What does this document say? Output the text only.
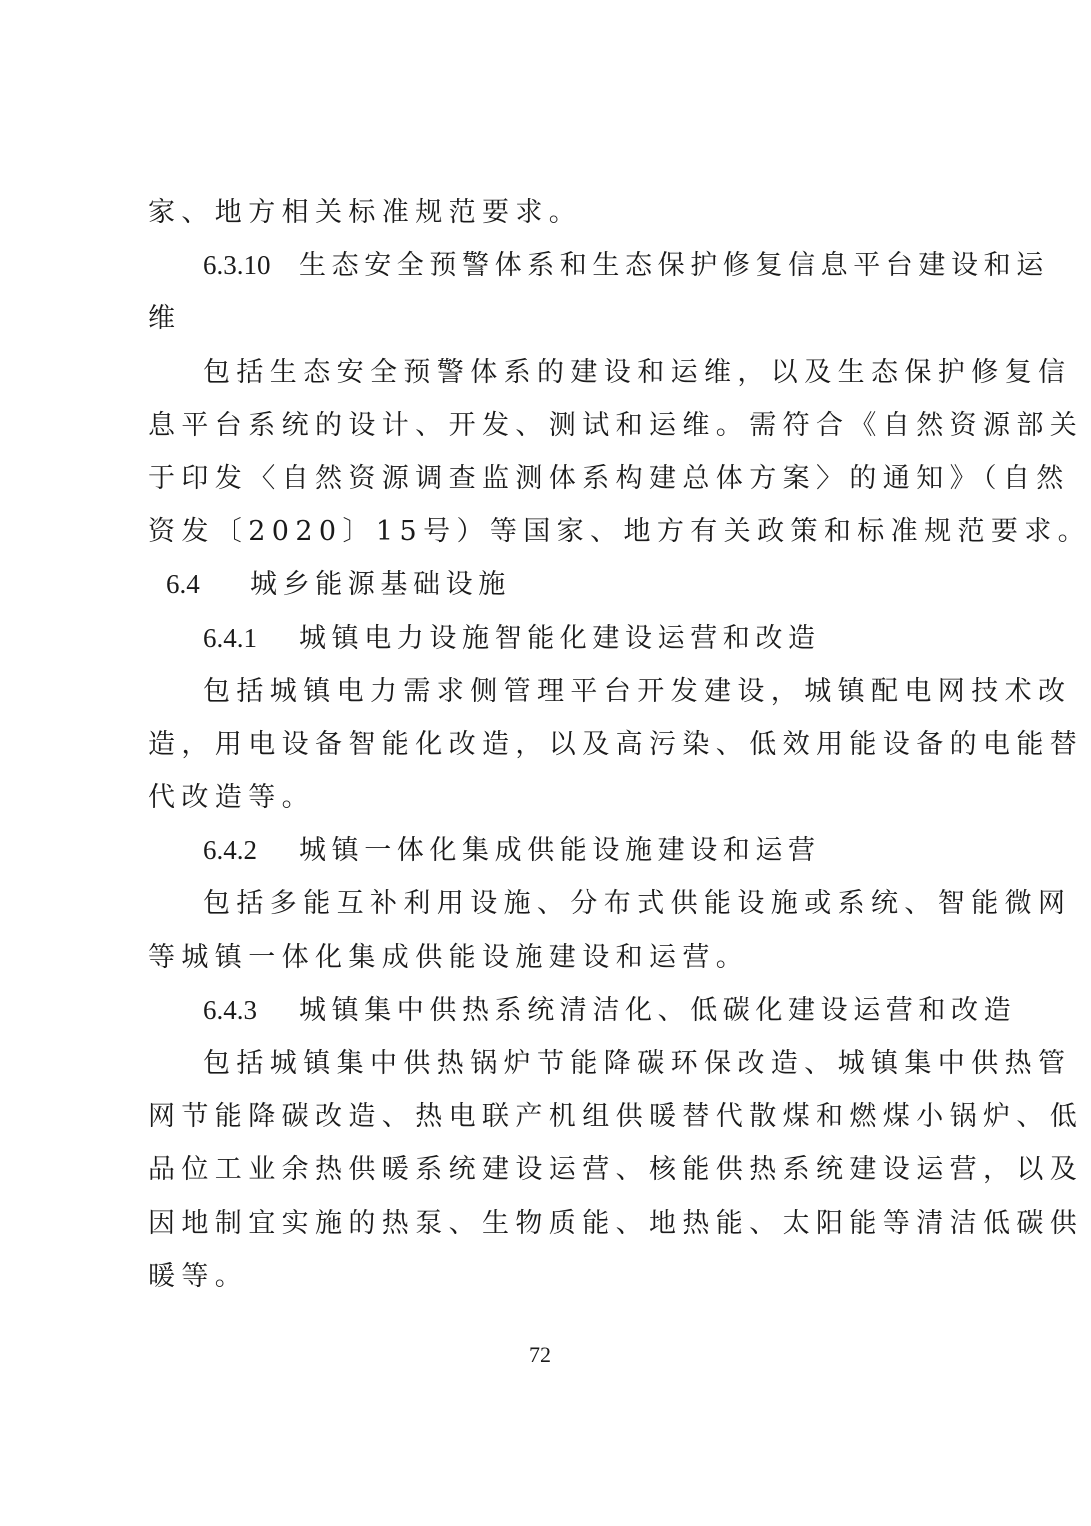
家、地方相关标准规范要求。
6.3.10 生态安全预警体系和生态保护修复信息平台建设和运
维
包括生态安全预警体系的建设和运维，以及生态保护修复信
息平台系统的设计、开发、测试和运维。需符合《自然资源部关
于印发〈自然资源调查监测体系构建总体方案〉的通知》（自然
资发〔2020〕15号）等国家、地方有关政策和标准规范要求。
6.4 城乡能源基础设施
6.4.1 城镇电力设施智能化建设运营和改造
包括城镇电力需求侧管理平台开发建设，城镇配电网技术改
造，用电设备智能化改造，以及高污染、低效用能设备的电能替
代改造等。
6.4.2 城镇一体化集成供能设施建设和运营
包括多能互补利用设施、分布式供能设施或系统、智能微网
等城镇一体化集成供能设施建设和运营。
6.4.3 城镇集中供热系统清洁化、低碳化建设运营和改造
包括城镇集中供热锅炉节能降碳环保改造、城镇集中供热管
网节能降碳改造、热电联产机组供暖替代散煤和燃煤小锅炉、低
品位工业余热供暖系统建设运营、核能供热系统建设运营，以及
因地制宜实施的热泵、生物质能、地热能、太阳能等清洁低碳供
暖等。
72
